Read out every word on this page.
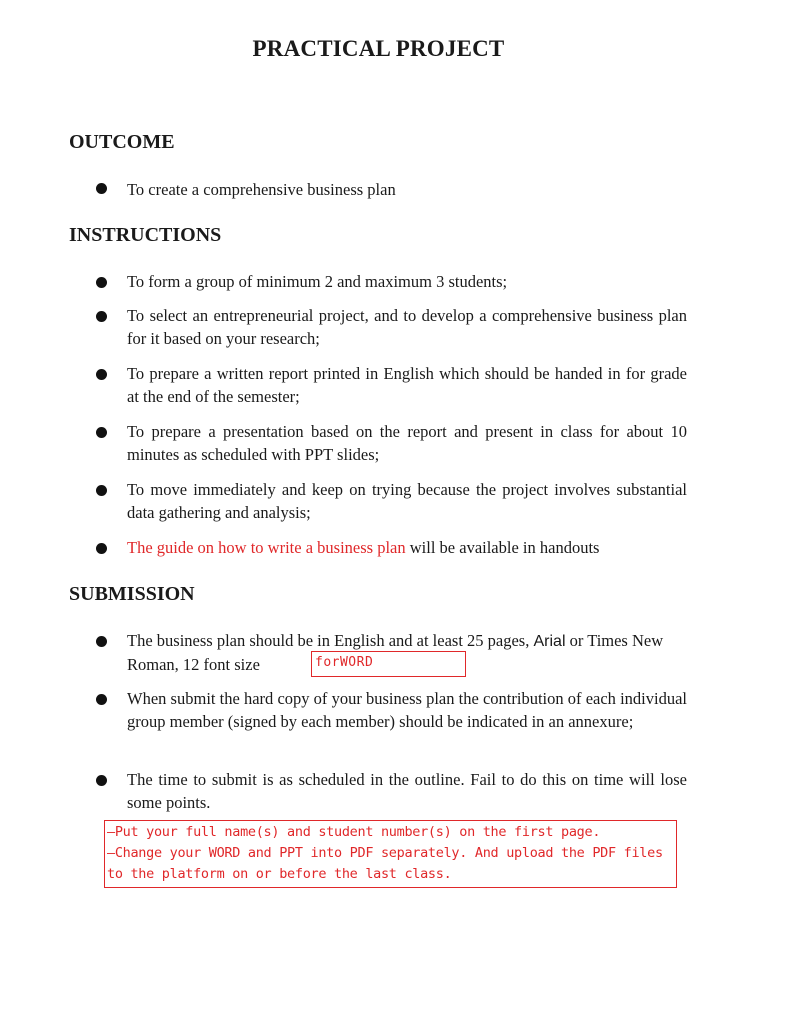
PRACTICAL PROJECT
OUTCOME

To create a comprehensive business plan

INSTRUCTIONS

To form a group of minimum 2 and maximum 3 students;

To select an entrepreneurial project, and to develop a comprehensive business plan for it based on your research;

To prepare a written report printed in English which should be handed in for grade at the end of the semester;

To prepare a presentation based on the report and present in class for about 10 minutes as scheduled with PPT slides;

To move immediately and keep on trying because the project involves substantial data gathering and analysis;

The guide on how to write a business plan will be available in handouts

SUBMISSION

The business plan should be in English and at least 25 pages, Arial or Times New Roman, 12 font size	forWORD

When submit the hard copy of your business plan the contribution of each individual group member (signed by each member) should be indicated in an annexure;

The time to submit is as scheduled in the outline. Fail to do this on time will lose some points.

—Put your full name(s) and student number(s) on the first page.
—Change your WORD and PPT into PDF separately. And upload the PDF files
to the platform on or before the last class.
